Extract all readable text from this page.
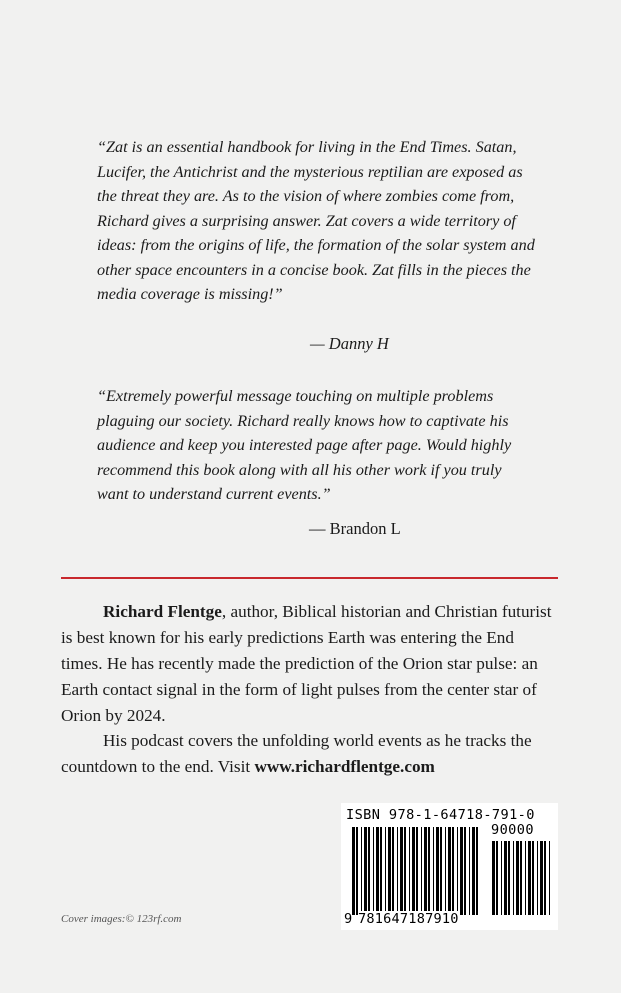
“Zat is an essential handbook for living in the End Times. Satan, Lucifer, the Antichrist and the mysterious reptilian are exposed as the threat they are. As to the vision of where zombies come from, Richard gives a surprising answer. Zat covers a wide territory of ideas: from the origins of life, the formation of the solar system and other space encounters in a concise book. Zat fills in the pieces the media coverage is missing!”

— Danny H

“Extremely powerful message touching on multiple problems plaguing our society. Richard really knows how to captivate his audience and keep you interested page after page. Would highly recommend this book along with all his other work if you truly want to understand current events.”

— Brandon L

Richard Flentge, author, Biblical historian and Christian futurist is best known for his early predictions Earth was entering the End times. He has recently made the prediction of the Orion star pulse: an Earth contact signal in the form of light pulses from the center star of Orion by 2024.

His podcast covers the unfolding world events as he tracks the countdown to the end. Visit www.richardflentge.com

Cover images:© 123rf.com
ISBN 978-1-64718-791-0
90000
9 781647187910
